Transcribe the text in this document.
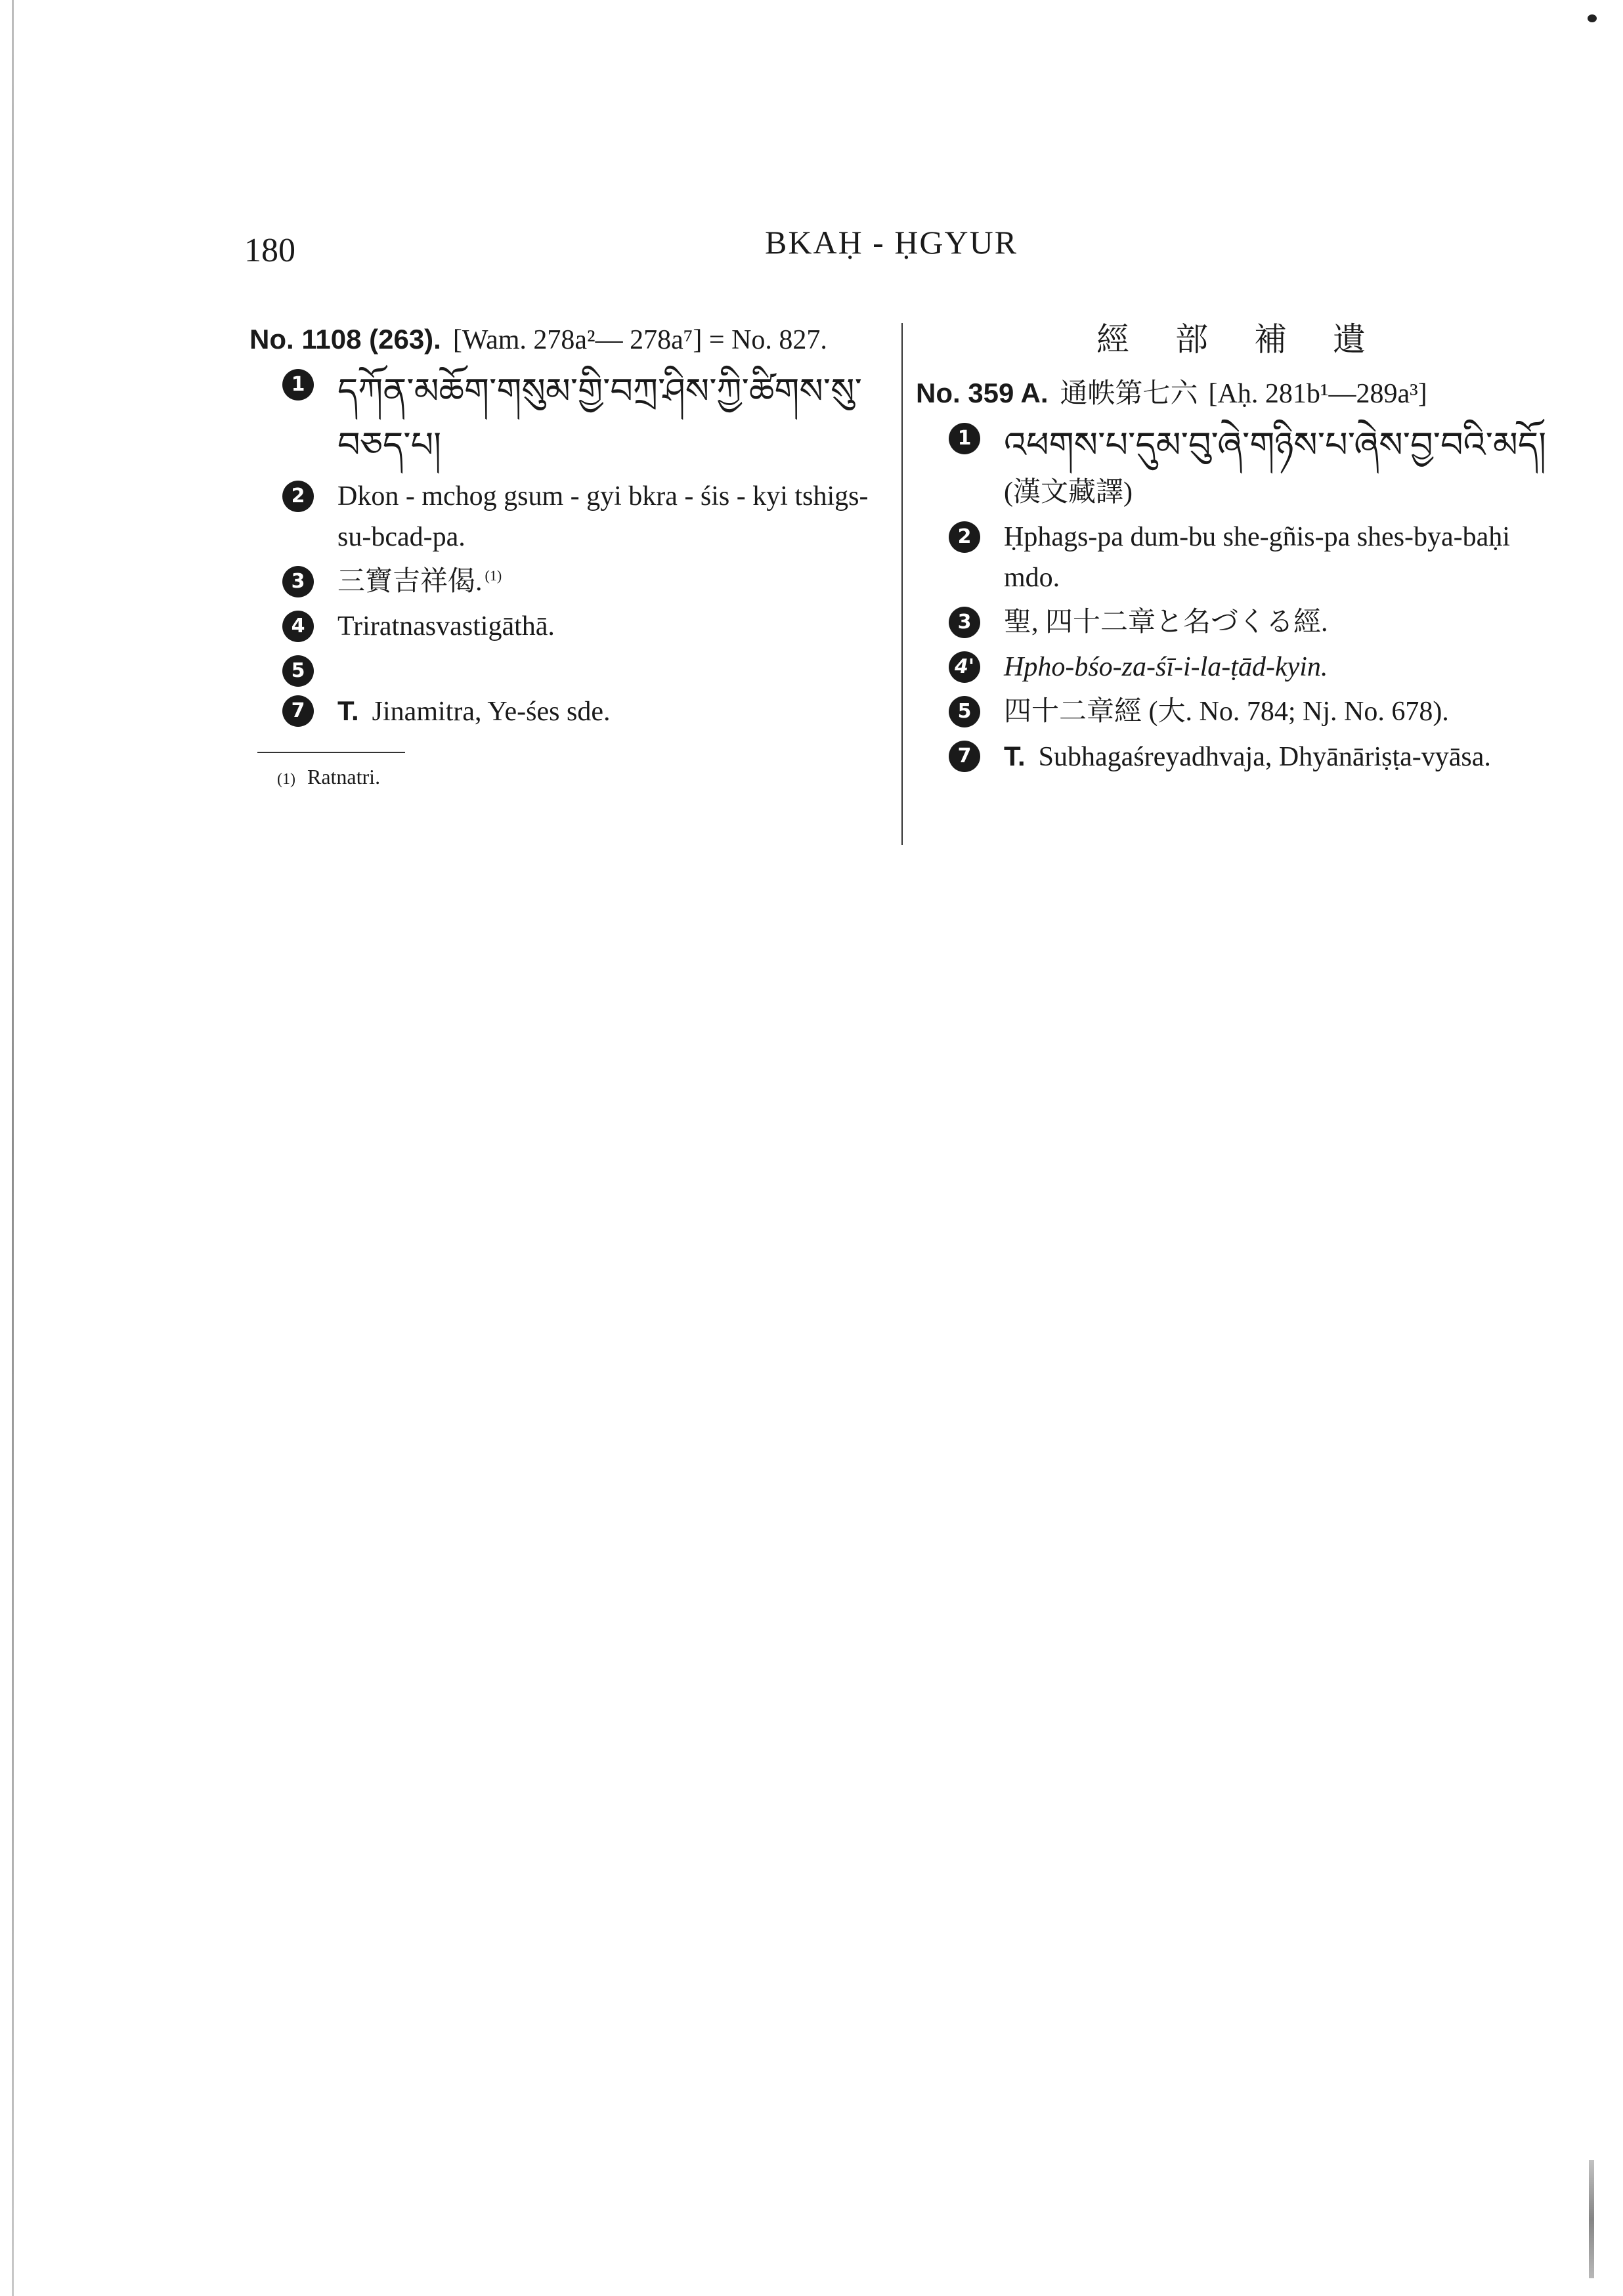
180	BKAḤ - ḤGYUR

No. 1108 (263). [Wam. 278a²— 278a⁷] = No. 827.

1 དཀོན་མཆོག་གསུམ་གྱི་བཀྲ་ཤིས་ཀྱི་ཚིགས་སུ་བཅད་པ།
2	Dkon - mchog gsum - gyi bkra - śis - kyi tshigs-su-bcad-pa.
3	三寶吉祥偈. $^{(1)}$
4	Triratnasvastigāthā.
5
7	T. Jinamitra, Ye-śes sde.
(1) Ratnatri.

經部補遺

No. 359 A. 通帙第七六 [Aḥ. 281b¹—289a³]

1 འཕགས་པ་དུམ་བུ་ཞེ་གཉིས་པ་ཞེས་བྱ་བའི་མདོ།
(漢文藏譯)
2	Ḥphags-pa dum-bu she-gñis-pa shes-bya-baḥi mdo.
3	聖, 四十二章と名づくる經.
4' Hpho-bśo-za-śī-i-la-ṭād-kyin.
5	四十二章經 (大. No. 784; Nj. No. 678).
7	T. Subhagaśreyadhvaja, Dhyānāriṣṭa-vyāsa.
